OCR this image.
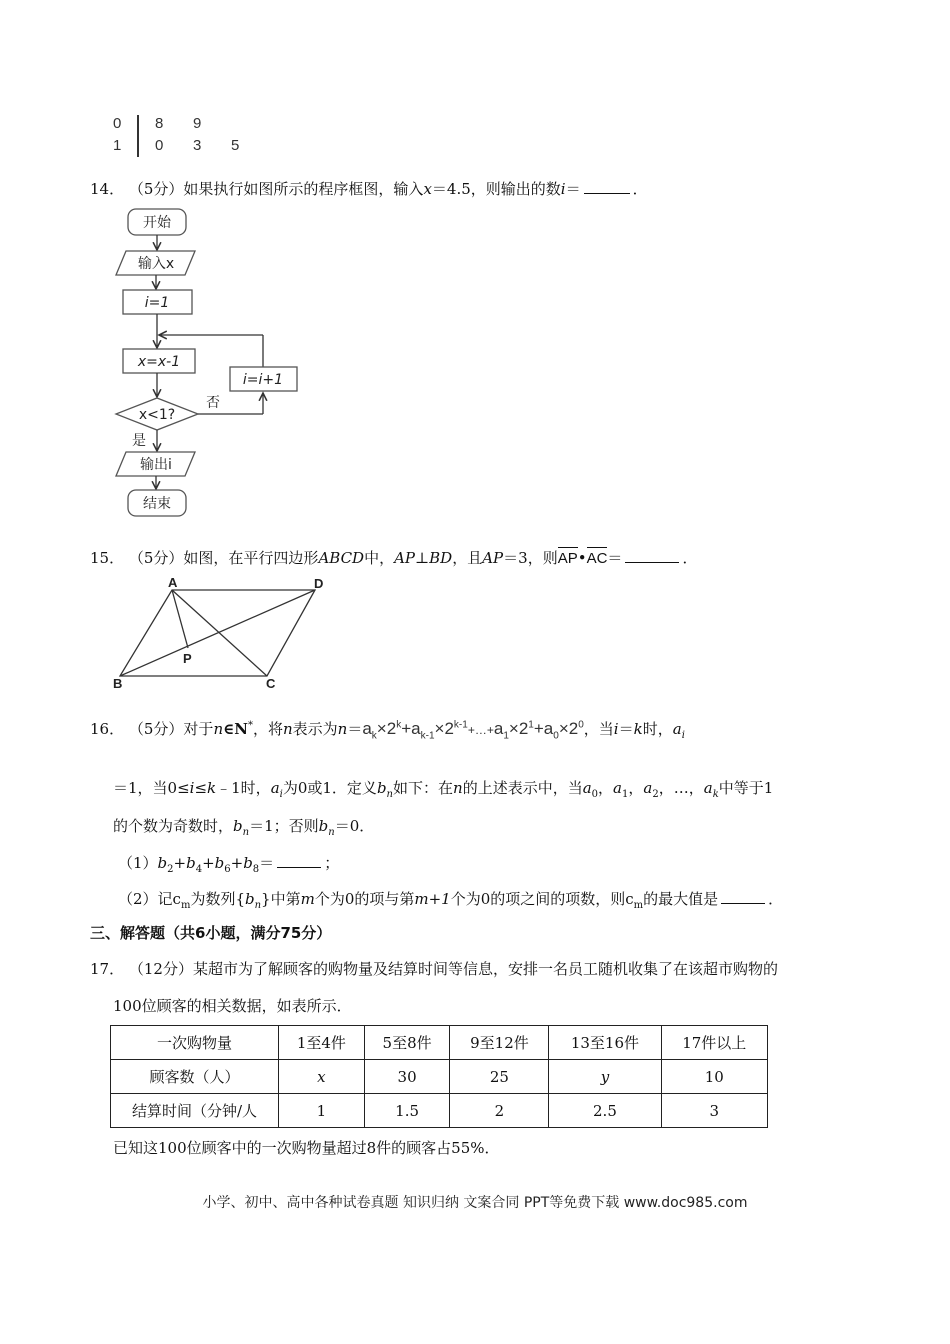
0 8 9
1 0 3 5
14． （5分）如果执行如图所示的程序框图，输入x＝4.5，则输出的数i＝	．
开始
输入x
i=1
x=x-1
i=i+1
x<1?
否
是
输出i
结束
15． （5分）如图，在平行四边形ABCD中，AP⊥BD，且AP＝3，则
AP•
AC＝	．
A	D
B	C
P
16． （5分）对于n∈N*，将n表示为$n=a_k\times 2^k+a_{k-1}\times 2^{k-1}+\dots+a_1\times 2^1+a_0\times 2^0$，当i＝k时，$a_i$
＝1，当0≤i≤k﹣1时，$a_i$为0或1．定义$b_n$如下：在n的上述表示中，当$a_0$，$a_1$，$a_2$，…，$a_k$中等于1
的个数为奇数时，$b_n=1$；否则$b_n=0$．
$(1)b_2+b_4+b_6+b_8=$	；
（2）记$c_m$为数列$\{b_n\}$中第m个为0的项与第m+1个为0的项之间的项数，则$c_m$的最大值是	．
三、解答题（共6小题，满分75分）
17． （12分）某超市为了解顾客的购物量及结算时间等信息，安排一名员工随机收集了在该超市购物的
100位顾客的相关数据，如表所示．
一次购物量	1至4件	5至8件	9至12件	13至16件	17件以上
顾客数（人）	x	30	25	y	10
结算时间（分钟/人	1	1.5	2	2.5	3
已知这100位顾客中的一次购物量超过8件的顾客占55%．
小学、初中、高中各种试卷真题 知识归纳 文案合同 PPT等免费下载 www.doc985.com
